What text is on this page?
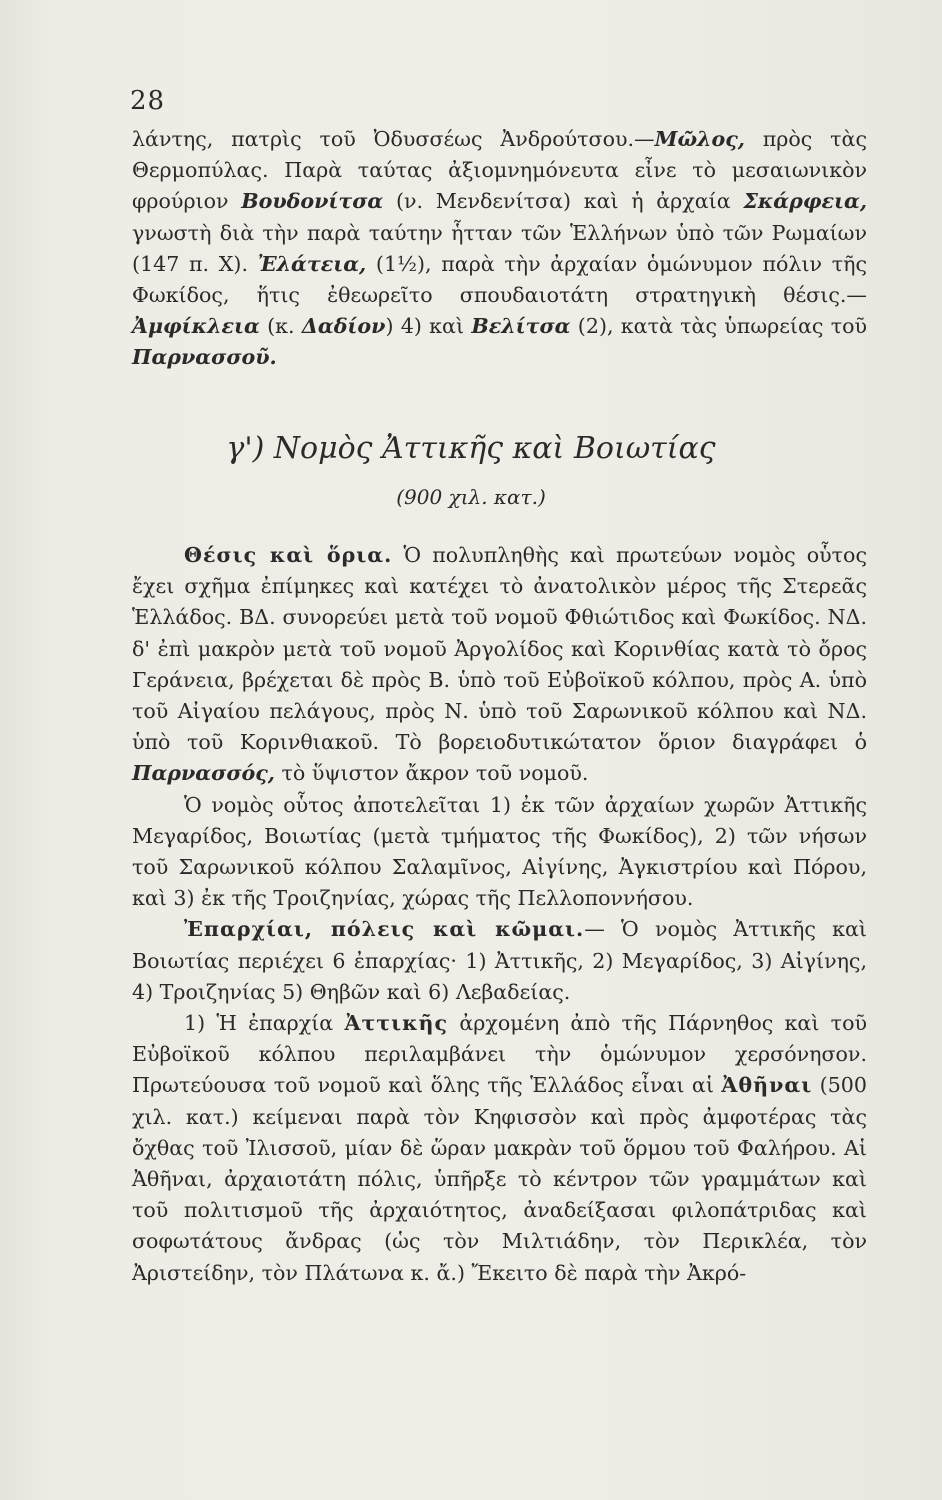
28

λάντης, πατρὶς τοῦ Ὀδυσσέως Ἀνδρούτσου.—Μῶλος, πρὸς τὰς Θερμοπύλας. Παρὰ ταύτας ἀξιομνημόνευτα εἶνε τὸ μεσαιωνικὸν φρούριον Βουδονίτσα (ν. Μενδενίτσα) καὶ ἡ ἀρχαία Σκάρφεια, γνωστὴ διὰ τὴν παρὰ ταύτην ἧτταν τῶν Ἑλλήνων ὑπὸ τῶν Ρωμαίων (147 π. Χ). Ἐλάτεια, (1½), παρὰ τὴν ἀρχαίαν ὁμώνυμον πόλιν τῆς Φωκίδος, ἥτις ἐθεωρεῖτο σπουδαιοτάτη στρατηγικὴ θέσις.—Ἀμφίκλεια (κ. Δαδίον) 4) καὶ Βελίτσα (2), κατὰ τὰς ὑπωρείας τοῦ Παρνασσοῦ.

γ') Νομὸς Ἀττικῆς καὶ Βοιωτίας
(900 χιλ. κατ.)

Θέσις καὶ ὅρια. Ὁ πολυπληθὴς καὶ πρωτεύων νομὸς οὗτος ἔχει σχῆμα ἐπίμηκες καὶ κατέχει τὸ ἀνατολικὸν μέρος τῆς Στερεᾶς Ἑλλάδος. ΒΔ. συνορεύει μετὰ τοῦ νομοῦ Φθιώτιδος καὶ Φωκίδος. ΝΔ. δ' ἐπὶ μακρὸν μετὰ τοῦ νομοῦ Ἀργολίδος καὶ Κορινθίας κατὰ τὸ ὄρος Γεράνεια, βρέχεται δὲ πρὸς Β. ὑπὸ τοῦ Εὐβοϊκοῦ κόλπου, πρὸς Α. ὑπὸ τοῦ Αἰγαίου πελάγους, πρὸς Ν. ὑπὸ τοῦ Σαρωνικοῦ κόλπου καὶ ΝΔ. ὑπὸ τοῦ Κορινθιακοῦ. Τὸ βορειοδυτικώτατον ὅριον διαγράφει ὁ Παρνασσός, τὸ ὕψιστον ἄκρον τοῦ νομοῦ.

Ὁ νομὸς οὗτος ἀποτελεῖται 1) ἐκ τῶν ἀρχαίων χωρῶν Ἀττικῆς Μεγαρίδος, Βοιωτίας (μετὰ τμήματος τῆς Φωκίδος), 2) τῶν νήσων τοῦ Σαρωνικοῦ κόλπου Σαλαμῖνος, Αἰγίνης, Ἀγκιστρίου καὶ Πόρου, καὶ 3) ἐκ τῆς Τροιζηνίας, χώρας τῆς Πελλοποννήσου.

Ἐπαρχίαι, πόλεις καὶ κῶμαι.— Ὁ νομὸς Ἀττικῆς καὶ Βοιωτίας περιέχει 6 ἐπαρχίας· 1) Ἀττικῆς, 2) Μεγαρίδος, 3) Αἰγίνης, 4) Τροιζηνίας 5) Θηβῶν καὶ 6) Λεβαδείας.

1) Ἡ ἐπαρχία Ἀττικῆς ἀρχομένη ἀπὸ τῆς Πάρνηθος καὶ τοῦ Εὐβοϊκοῦ κόλπου περιλαμβάνει τὴν ὁμώνυμον χερσόνησον. Πρωτεύουσα τοῦ νομοῦ καὶ ὅλης τῆς Ἑλλάδος εἶναι αἱ Ἀθῆναι (500 χιλ. κατ.) κείμεναι παρὰ τὸν Κηφισσὸν καὶ πρὸς ἀμφοτέρας τὰς ὄχθας τοῦ Ἰλισσοῦ, μίαν δὲ ὥραν μακρὰν τοῦ ὅρμου τοῦ Φαλήρου. Αἱ Ἀθῆναι, ἀρχαιοτάτη πόλις, ὑπῆρξε τὸ κέντρον τῶν γραμμάτων καὶ τοῦ πολιτισμοῦ τῆς ἀρχαιότητος, ἀναδείξασαι φιλοπάτριδας καὶ σοφωτάτους ἄνδρας (ὡς τὸν Μιλτιάδην, τὸν Περικλέα, τὸν Ἀριστείδην, τὸν Πλάτωνα κ. ἄ.) Ἔκειτο δὲ παρὰ τὴν Ἀκρό-
